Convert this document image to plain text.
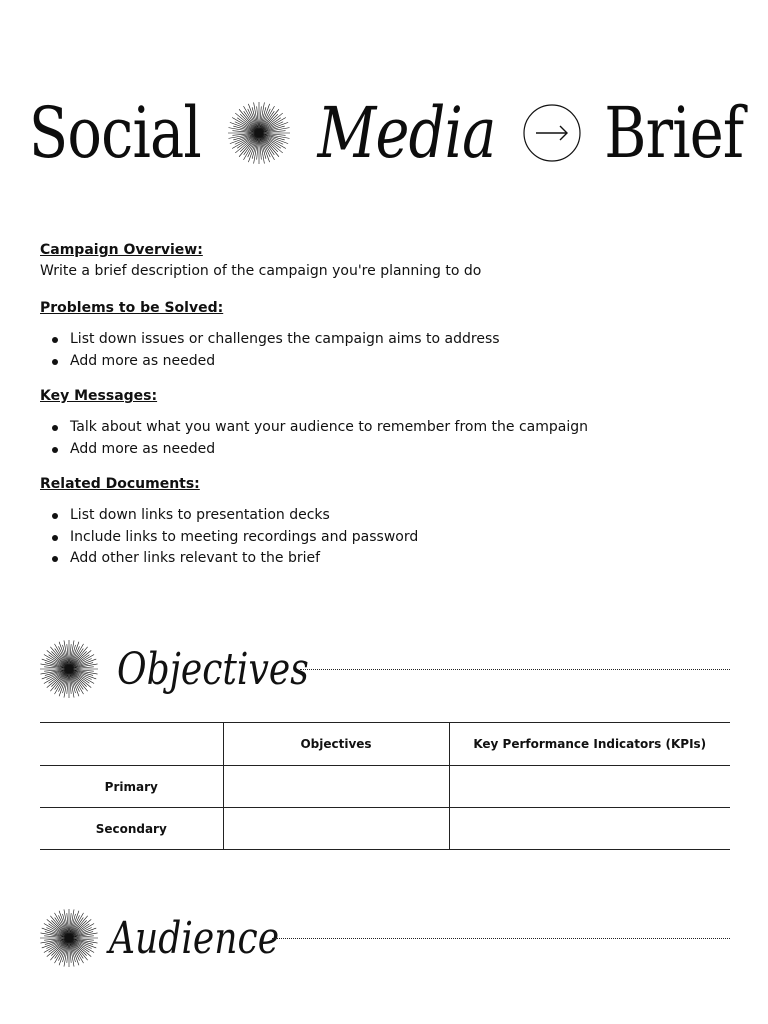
Social Media Brief
Campaign Overview:
Write a brief description of the campaign you're planning to do
Problems to be Solved:
List down issues or challenges the campaign aims to address
Add more as needed
Key Messages:
Talk about what you want your audience to remember from the campaign
Add more as needed
Related Documents:
List down links to presentation decks
Include links to meeting recordings and password
Add other links relevant to the brief
Objectives
	Objectives	Key Performance Indicators (KPIs)
Primary		
Secondary		
Audience
